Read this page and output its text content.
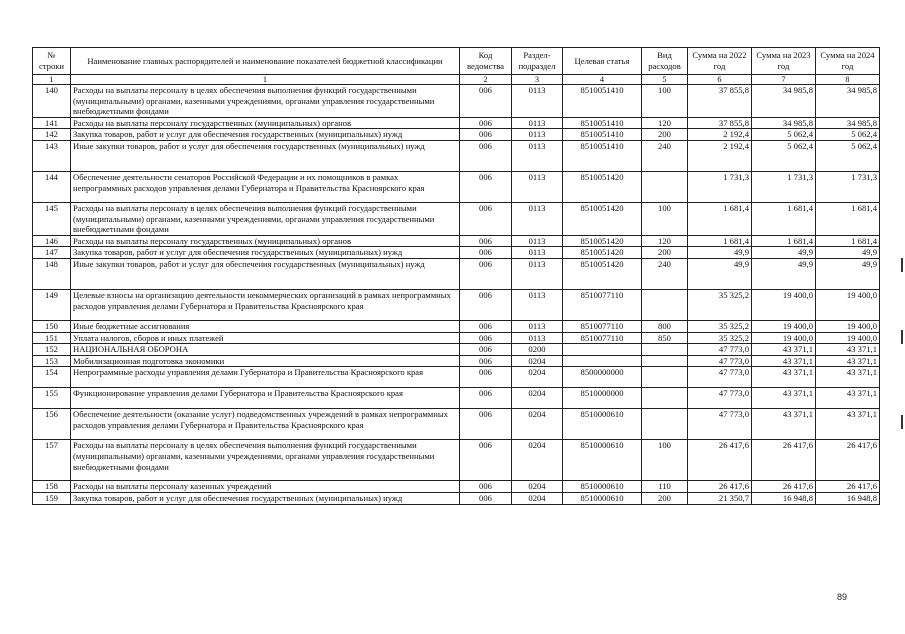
№ строки	Наименование главных распорядителей и наименование показателей бюджетной классификации	Код ведомства	Раздел- подраздел	Целевая статья	Вид расходов	Сумма на 2022 год	Сумма на 2023 год	Сумма на 2024 год
1	1	2	3	4	5	6	7	8
140	Расходы на выплаты персоналу в целях обеспечения выполнения функций государственными (муниципальными) органами, казенными учреждениями, органами управления государственными внебюджетными фондами	006	0113	8510051410	100	37 855,8	34 985,8	34 985,8
141	Расходы на выплаты персоналу государственных (муниципальных) органов	006	0113	8510051410	120	37 855,8	34 985,8	34 985,8
142	Закупка товаров, работ и услуг для обеспечения государственных (муниципальных) нужд	006	0113	8510051410	200	2 192,4	5 062,4	5 062,4
143	Иные закупки товаров, работ и услуг для обеспечения государственных (муниципальных) нужд	006	0113	8510051410	240	2 192,4	5 062,4	5 062,4
144	Обеспечение деятельности сенаторов Российской Федерации и их помощников в рамках непрограммных расходов управления делами Губернатора и Правительства Красноярского края	006	0113	8510051420		1 731,3	1 731,3	1 731,3
145	Расходы на выплаты персоналу в целях обеспечения выполнения функций государственными (муниципальными) органами, казенными учреждениями, органами управления государственными внебюджетными фондами	006	0113	8510051420	100	1 681,4	1 681,4	1 681,4
146	Расходы на выплаты персоналу государственных (муниципальных) органов	006	0113	8510051420	120	1 681,4	1 681,4	1 681,4
147	Закупка товаров, работ и услуг для обеспечения государственных (муниципальных) нужд	006	0113	8510051420	200	49,9	49,9	49,9
148	Иные закупки товаров, работ и услуг для обеспечения государственных (муниципальных) нужд	006	0113	8510051420	240	49,9	49,9	49,9
149	Целевые взносы на организацию деятельности некоммерческих организаций в рамках непрограммных расходов управления делами Губернатора и Правительства Красноярского края	006	0113	8510077110		35 325,2	19 400,0	19 400,0
150	Иные бюджетные ассигнования	006	0113	8510077110	800	35 325,2	19 400,0	19 400,0
151	Уплата налогов, сборов и иных платежей	006	0113	8510077110	850	35 325,2	19 400,0	19 400,0
152	НАЦИОНАЛЬНАЯ ОБОРОНА	006	0200			47 773,0	43 371,1	43 371,1
153	Мобилизационная подготовка экономики	006	0204			47 773,0	43 371,1	43 371,1
154	Непрограммные расходы управления делами Губернатора и Правительства Красноярского края	006	0204	8500000000		47 773,0	43 371,1	43 371,1
155	Функционирование управления делами Губернатора и Правительства Красноярского края	006	0204	8510000000		47 773,0	43 371,1	43 371,1
156	Обеспечение деятельности (оказание услуг) подведомственных учреждений в рамках непрограммных расходов управления делами Губернатора и Правительства Красноярского края	006	0204	8510000610		47 773,0	43 371,1	43 371,1
157	Расходы на выплаты персоналу в целях обеспечения выполнения функций государственными (муниципальными) органами, казенными учреждениями, органами управления государственными внебюджетными фондами	006	0204	8510000610	100	26 417,6	26 417,6	26 417,6
158	Расходы на выплаты персоналу казенных учреждений	006	0204	8510000610	110	26 417,6	26 417,6	26 417,6
159	Закупка товаров, работ и услуг для обеспечения государственных (муниципальных) нужд	006	0204	8510000610	200	21 350,7	16 948,8	16 948,8
89
